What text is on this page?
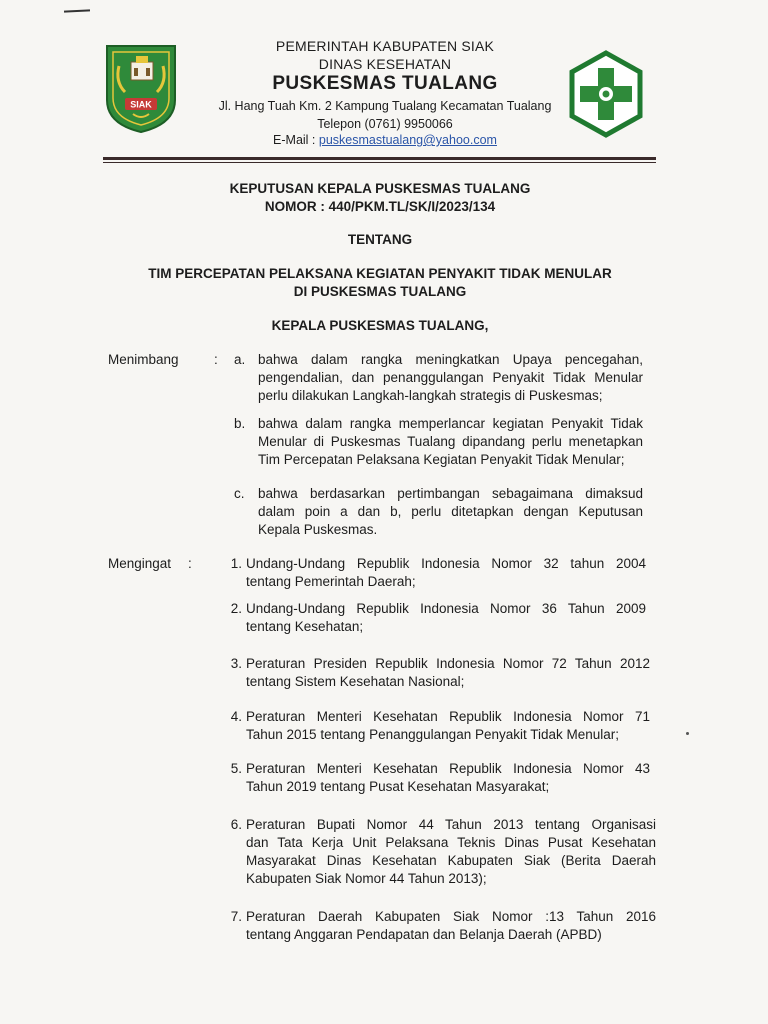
SIAK
PEMERINTAH KABUPATEN SIAK
DINAS KESEHATAN
PUSKESMAS TUALANG
Jl. Hang Tuah Km. 2 Kampung Tualang Kecamatan Tualang
Telepon (0761) 9950066
E-Mail : puskesmastualang@yahoo.com
KEPUTUSAN KEPALA PUSKESMAS TUALANG
NOMOR : 440/PKM.TL/SK/I/2023/134
TENTANG
TIM PERCEPATAN PELAKSANA KEGIATAN PENYAKIT TIDAK MENULAR
DI PUSKESMAS TUALANG
KEPALA PUSKESMAS TUALANG,
Menimbang	: a. bahwa dalam rangka meningkatkan Upaya pencegahan,
pengendalian, dan penanggulangan Penyakit Tidak Menular
perlu dilakukan Langkah-langkah strategis di Puskesmas;
b. bahwa dalam rangka memperlancar kegiatan Penyakit Tidak
Menular di Puskesmas Tualang dipandang perlu menetapkan
Tim Percepatan Pelaksana Kegiatan Penyakit Tidak Menular;
c. bahwa berdasarkan pertimbangan sebagaimana dimaksud
dalam poin a dan b, perlu ditetapkan dengan Keputusan
Kepala Puskesmas.
Mengingat :	1. Undang-Undang Republik Indonesia Nomor 32 tahun 2004
tentang Pemerintah Daerah;
2. Undang-Undang Republik Indonesia Nomor 36 Tahun 2009
tentang Kesehatan;
3. Peraturan Presiden Republik Indonesia Nomor 72 Tahun 2012
tentang Sistem Kesehatan Nasional;
4. Peraturan Menteri Kesehatan Republik Indonesia Nomor 71
Tahun 2015 tentang Penanggulangan Penyakit Tidak Menular;
5. Peraturan Menteri Kesehatan Republik Indonesia Nomor 43
Tahun 2019 tentang Pusat Kesehatan Masyarakat;
6. Peraturan Bupati Nomor 44 Tahun 2013 tentang Organisasi
dan Tata Kerja Unit Pelaksana Teknis Dinas Pusat Kesehatan
Masyarakat Dinas Kesehatan Kabupaten Siak (Berita Daerah
Kabupaten Siak Nomor 44 Tahun 2013);
7. Peraturan Daerah Kabupaten Siak Nomor :13 Tahun 2016
tentang Anggaran Pendapatan dan Belanja Daerah (APBD)
